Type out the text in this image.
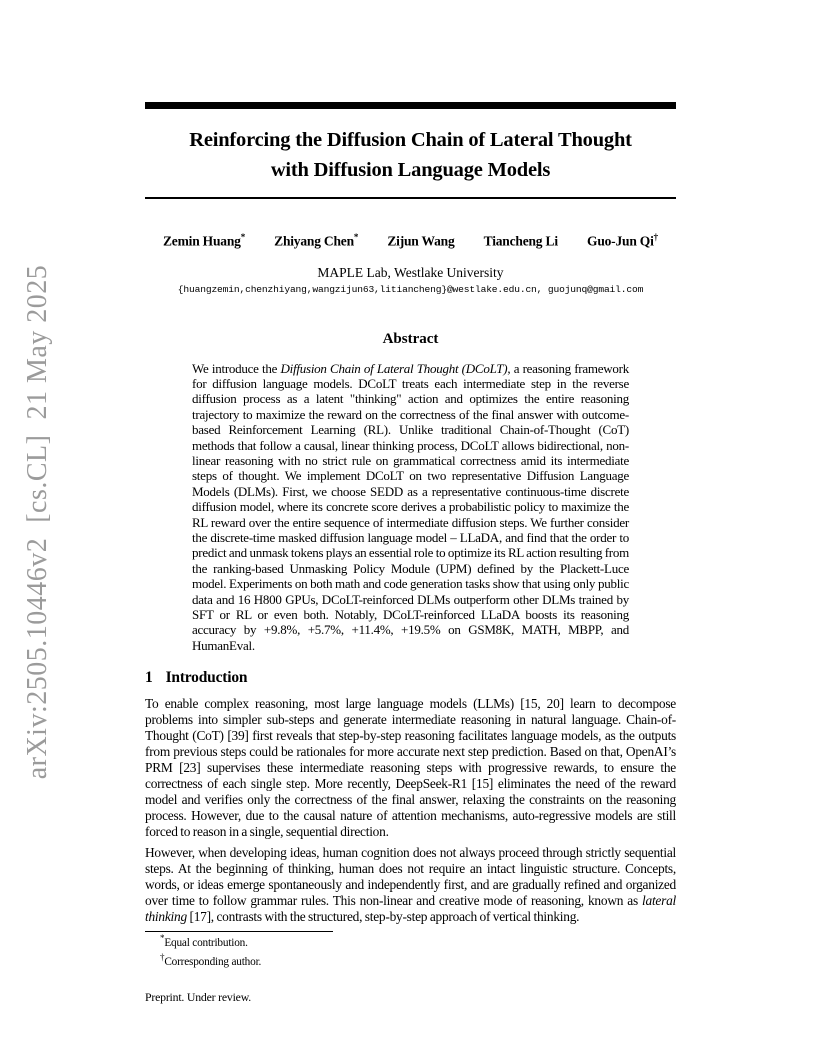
arXiv:2505.10446v2  [cs.CL]  21 May 2025
Reinforcing the Diffusion Chain of Lateral Thought
with Diffusion Language Models
Zemin Huang* Zhiyang Chen* Zijun Wang Tiancheng Li Guo-Jun Qi†
MAPLE Lab, Westlake University
{huangzemin,chenzhiyang,wangzijun63,litiancheng}@westlake.edu.cn, guojunq@gmail.com
Abstract
We introduce the Diffusion Chain of Lateral Thought (DCoLT), a reasoning framework for diffusion language models. DCoLT treats each intermediate step in the reverse diffusion process as a latent "thinking" action and optimizes the entire reasoning trajectory to maximize the reward on the correctness of the final answer with outcome-based Reinforcement Learning (RL). Unlike traditional Chain-of-Thought (CoT) methods that follow a causal, linear thinking process, DCoLT allows bidirectional, non-linear reasoning with no strict rule on grammatical correctness amid its intermediate steps of thought. We implement DCoLT on two representative Diffusion Language Models (DLMs). First, we choose SEDD as a representative continuous-time discrete diffusion model, where its concrete score derives a probabilistic policy to maximize the RL reward over the entire sequence of intermediate diffusion steps. We further consider the discrete-time masked diffusion language model – LLaDA, and find that the order to predict and unmask tokens plays an essential role to optimize its RL action resulting from the ranking-based Unmasking Policy Module (UPM) defined by the Plackett-Luce model. Experiments on both math and code generation tasks show that using only public data and 16 H800 GPUs, DCoLT-reinforced DLMs outperform other DLMs trained by SFT or RL or even both. Notably, DCoLT-reinforced LLaDA boosts its reasoning accuracy by +9.8%, +5.7%, +11.4%, +19.5% on GSM8K, MATH, MBPP, and HumanEval.
1 Introduction
To enable complex reasoning, most large language models (LLMs) [15, 20] learn to decompose problems into simpler sub-steps and generate intermediate reasoning in natural language. Chain-of-Thought (CoT) [39] first reveals that step-by-step reasoning facilitates language models, as the outputs from previous steps could be rationales for more accurate next step prediction. Based on that, OpenAI’s PRM [23] supervises these intermediate reasoning steps with progressive rewards, to ensure the correctness of each single step. More recently, DeepSeek-R1 [15] eliminates the need of the reward model and verifies only the correctness of the final answer, relaxing the constraints on the reasoning process. However, due to the causal nature of attention mechanisms, auto-regressive models are still forced to reason in a single, sequential direction.
However, when developing ideas, human cognition does not always proceed through strictly sequential steps. At the beginning of thinking, human does not require an intact linguistic structure. Concepts, words, or ideas emerge spontaneously and independently first, and are gradually refined and organized over time to follow grammar rules. This non-linear and creative mode of reasoning, known as lateral thinking [17], contrasts with the structured, step-by-step approach of vertical thinking.
*Equal contribution.
†Corresponding author.
Preprint. Under review.
